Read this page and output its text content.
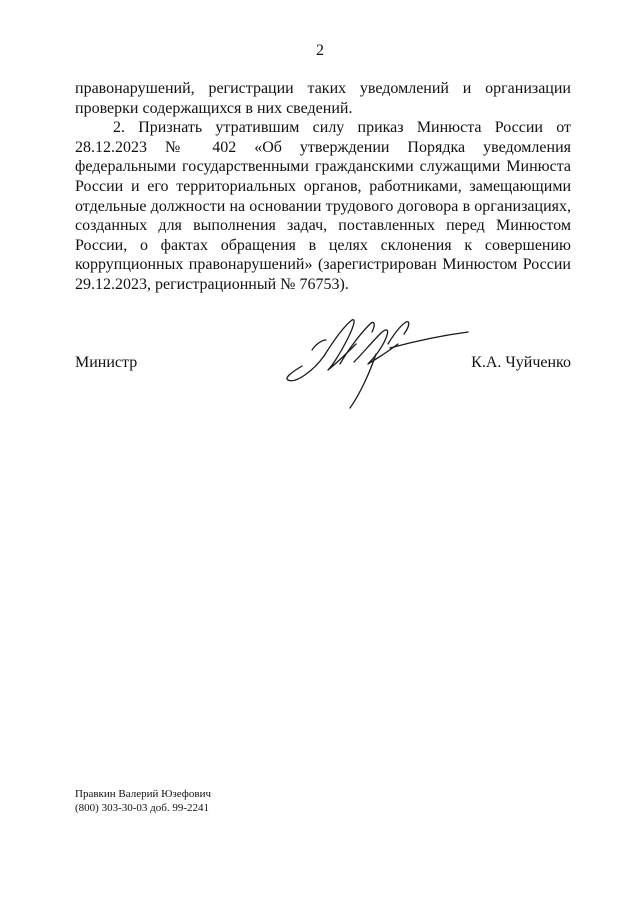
2

правонарушений, регистрации таких уведомлений и организации проверки содержащихся в них сведений.

2. Признать утратившим силу приказ Минюста России от 28.12.2023 № 402 «Об утверждении Порядка уведомления федеральными государственными гражданскими служащими Минюста России и его территориальных органов, работниками, замещающими отдельные должности на основании трудового договора в организациях, созданных для выполнения задач, поставленных перед Минюстом России, о фактах обращения в целях склонения к совершению коррупционных правонарушений» (зарегистрирован Минюстом России 29.12.2023, регистрационный № 76753).

Министр	К.А. Чуйченко
Правкин Валерий Юзефович
(800) 303-30-03 доб. 99-2241
